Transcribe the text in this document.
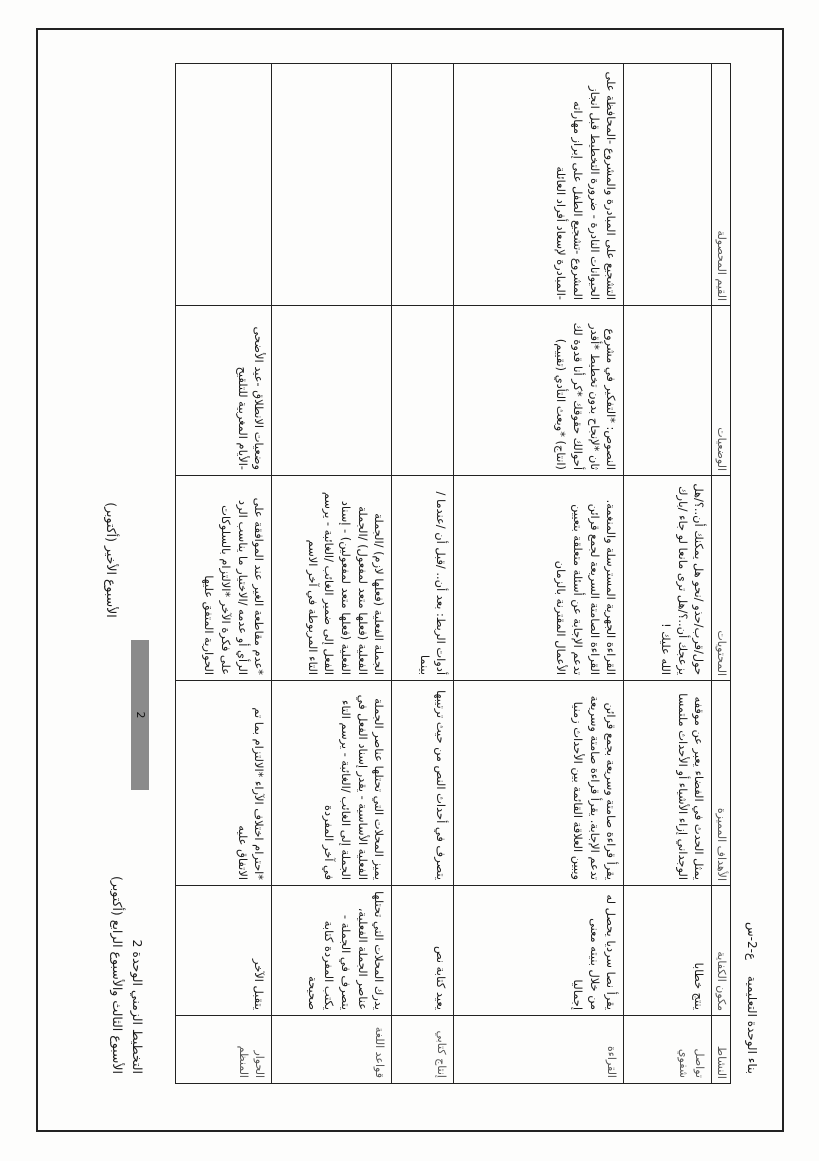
بناء الوحدة التعليمية ع-2-س
النشاط	مكون الكفاية	الأهداف المميزة	المحتويات	الوضعيات	القيم المحصولة
تواصل شفوي	ينتج خطابا	يمثل الحدث في الفضاء يعبر عن موقفه الوجداني إزاء الأشياء أو الأحداث ملتمسا	حول/قرب/حذو /نحو هل يمكنك أن..؟/هل يزعجك أن..؟/هل ترى مانعا لو جاء /بارك الله عليك !		
القراءة	يقرأ نصا سرديا يحصل له من خلال بنيته معنى إجماليا	يقرأ قراءة صامتة وسريعة بجمع قرائن تدعم الإجابة. يقرأ قراءة صامتة وسريعة ويبين العلاقة القائمة بين الأحداث زمنيا	القراءة الجهرية المسترسلة والمنغمة. القراءة الصامتة السريعة لجمع قرائن تدعم الإجابة عن أسئلة متعلقة بتعيين الأعمال المقترنة بالزمان	النصوص: *التفكير في مشروع ثان *لإنجاح بدون تخطيط *أقدر أحوالك حقوقك *كر أنا قدوة لك (انتاج) *وبعث التأدي (تقييم)	التشجيع على المبادرة والمشروع -المحافظة على الحيوانات النادرة - ضرورة التخطيط قبل انجاز المشروع -تشجيع الطفل على إبراز مهاراته -المبادرة لإسعاد أفراد العائلة
إنتاج كتابي	يعيد كتابة نص	يتصرف في أحداث النص من حيث ترتيبها	أدوات الربط: بعد أن.. /قبل أن /عندما /بينما		
قواعد اللغة	يدرك المحلات التي تحتلها عناصر الجملة الفعلية، يتصرف في الجملة - يكتب المفردة كتابة صحيحة	يميز المحلات التي تحتلها عناصر الجملة الفعلية الأساسية - يقدر إسناد الفعل في الجملة إلى الغائب /الغائبة - يرسم التاء في آخر المفردة	الجملة الفعلية (فعلها لازم) /الجملة الفعلية (فعلها متعد لمفعول) /الجملة الفعلية (فعلها متعد لمفعولين) - إسناد الفعل إلى ضمير الغائب /الغائبة - يرسم التاء المربوطة في آخر الاسم		
الحوار المنظم	يتقبل الآخر	*احترام اختلاف الآراء *الالتزام بما تم الاتفاق عليه	*عدم مقاطعة الغير عند الموافقة على الرأي أو عدمه /الاختيار ما يناسب الرد على فكرة الآخر *الالتزام بالسلوكات الحوارية المتفق عليها	وضعيات الانطلاق -عيد الأضحى -الأيام المغربية للتلقيح	
التخطيط الزمني الوحدة 2
الأسبوع الثالث والأسبوع الرابع (أكتوبر)
2
الأسبوع الأخير (أكتوبر)
